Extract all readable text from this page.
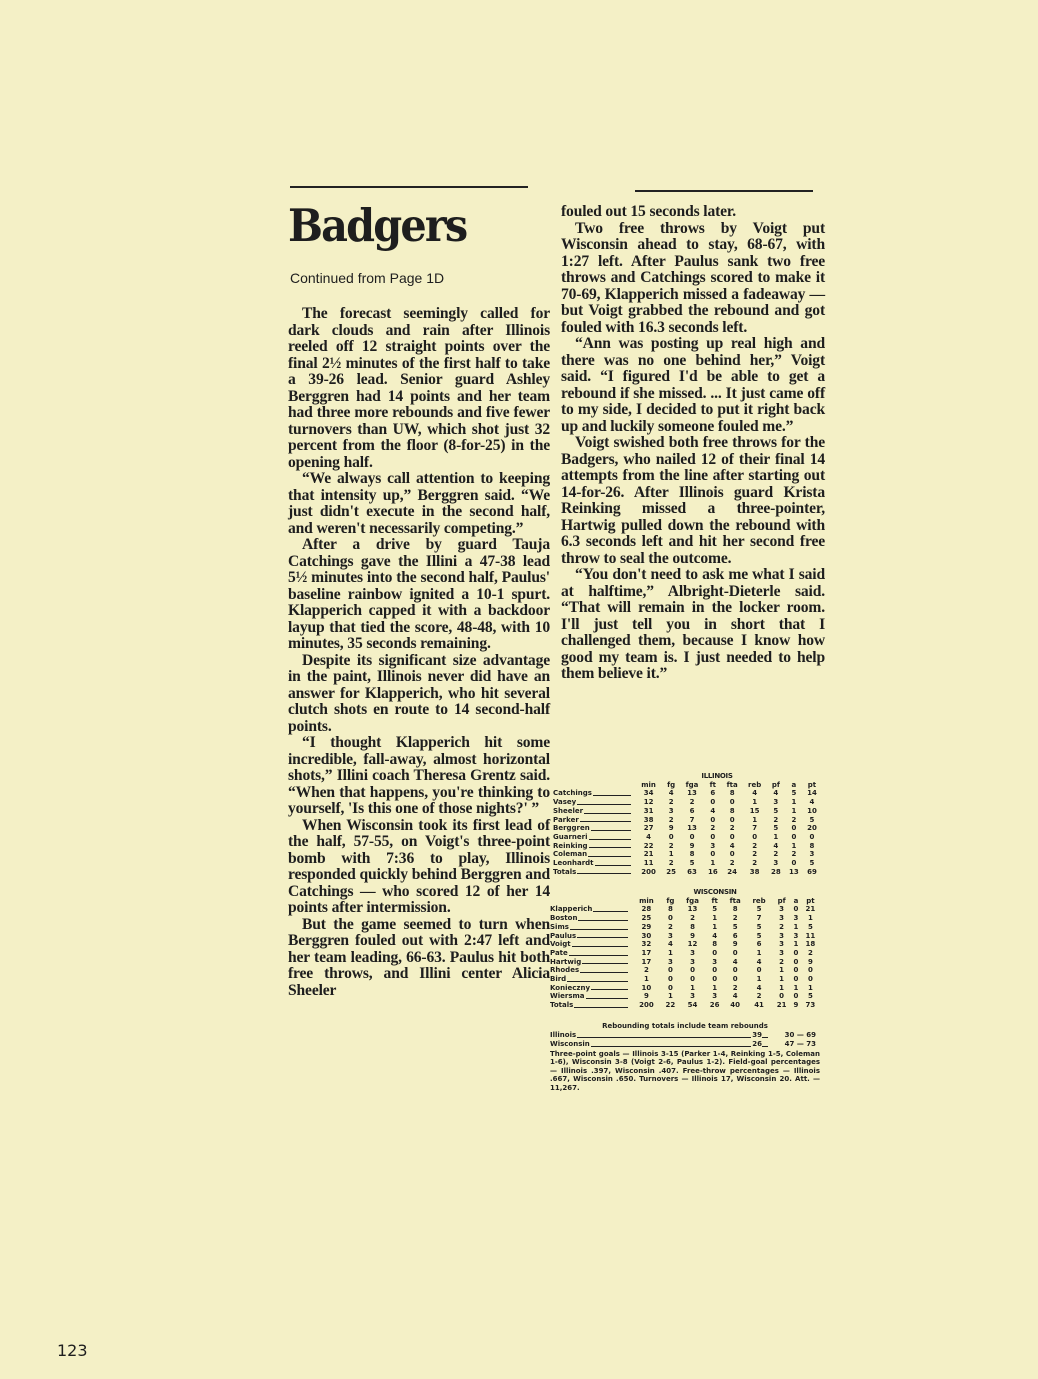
Badgers
Continued from Page 1D

The forecast seemingly called for dark clouds and rain after Illinois reeled off 12 straight points over the final 2½ minutes of the first half to take a 39-26 lead. Senior guard Ashley Berggren had 14 points and her team had three more rebounds and five fewer turnovers than UW, which shot just 32 percent from the floor (8-for-25) in the opening half.

“We always call attention to keeping that intensity up,” Berggren said. “We just didn't execute in the second half, and weren't necessarily competing.”

After a drive by guard Tauja Catchings gave the Illini a 47-38 lead 5½ minutes into the second half, Paulus' baseline rainbow ignited a 10-1 spurt. Klapperich capped it with a backdoor layup that tied the score, 48-48, with 10 minutes, 35 seconds remaining.

Despite its significant size advantage in the paint, Illinois never did have an answer for Klapperich, who hit several clutch shots en route to 14 second-half points.

“I thought Klapperich hit some incredible, fall-away, almost horizontal shots,” Illini coach Theresa Grentz said. “When that happens, you're thinking to yourself, 'Is this one of those nights?' ”

When Wisconsin took its first lead of the half, 57-55, on Voigt's three-point bomb with 7:36 to play, Illinois responded quickly behind Berggren and Catchings — who scored 12 of her 14 points after intermission.

But the game seemed to turn when Berggren fouled out with 2:47 left and her team leading, 66-63. Paulus hit both free throws, and Illini center Alicia Sheeler

fouled out 15 seconds later.

Two free throws by Voigt put Wisconsin ahead to stay, 68-67, with 1:27 left. After Paulus sank two free throws and Catchings scored to make it 70-69, Klapperich missed a fadeaway — but Voigt grabbed the rebound and got fouled with 16.3 seconds left.

“Ann was posting up real high and there was no one behind her,” Voigt said. “I figured I'd be able to get a rebound if she missed. ... It just came off to my side, I decided to put it right back up and luckily someone fouled me.”

Voigt swished both free throws for the Badgers, who nailed 12 of their final 14 attempts from the line after starting out 14-for-26. After Illinois guard Krista Reinking missed a three-pointer, Hartwig pulled down the rebound with 6.3 seconds left and hit her second free throw to seal the outcome.

“You don't need to ask me what I said at halftime,” Albright-Dieterle said. “That will remain in the locker room. I'll just tell you in short that I challenged them, because I know how good my team is. I just needed to help them believe it.”

ILLINOIS
	min	fg	fga	ft	fta	reb	pf	a	pt
Catchings	34	4	13	6	8	4	4	5	14
Vasey	12	2	2	0	0	1	3	1	4
Sheeler	31	3	6	4	8	15	5	1	10
Parker	38	2	7	0	0	1	2	2	5
Berggren	27	9	13	2	2	7	5	0	20
Guarneri	4	0	0	0	0	0	1	0	0
Reinking	22	2	9	3	4	2	4	1	8
Coleman	21	1	8	0	0	2	2	2	3
Leonhardt	11	2	5	1	2	2	3	0	5
Totals	200	25	63	16	24	38	28	13	69
WISCONSIN
	min	fg	fga	ft	fta	reb	pf	a	pt
Klapperich	28	8	13	5	8	5	3	0	21
Boston	25	0	2	1	2	7	3	3	1
Sims	29	2	8	1	5	5	2	1	5
Paulus	30	3	9	4	6	5	3	3	11
Voigt	32	4	12	8	9	6	3	1	18
Pate	17	1	3	0	0	1	3	0	2
Hartwig	17	3	3	3	4	4	2	0	9
Rhodes	2	0	0	0	0	0	1	0	0
Bird	1	0	0	0	0	1	1	0	0
Konieczny	10	0	1	1	2	4	1	1	1
Wiersma	9	1	3	3	4	2	0	0	5
Totals	200	22	54	26	40	41	21	9	73
Rebounding totals include team rebounds
Illinois	39	30 — 69
Wisconsin	26	47 — 73
Three-point goals — Illinois 3-15 (Parker 1-4, Reinking 1-5, Coleman 1-6), Wisconsin 3-8 (Voigt 2-6, Paulus 1-2). Field-goal percentages — Illinois .397, Wisconsin .407. Free-throw percentages — Illinois .667, Wisconsin .650. Turnovers — Illinois 17, Wisconsin 20. Att. — 11,267.
123
